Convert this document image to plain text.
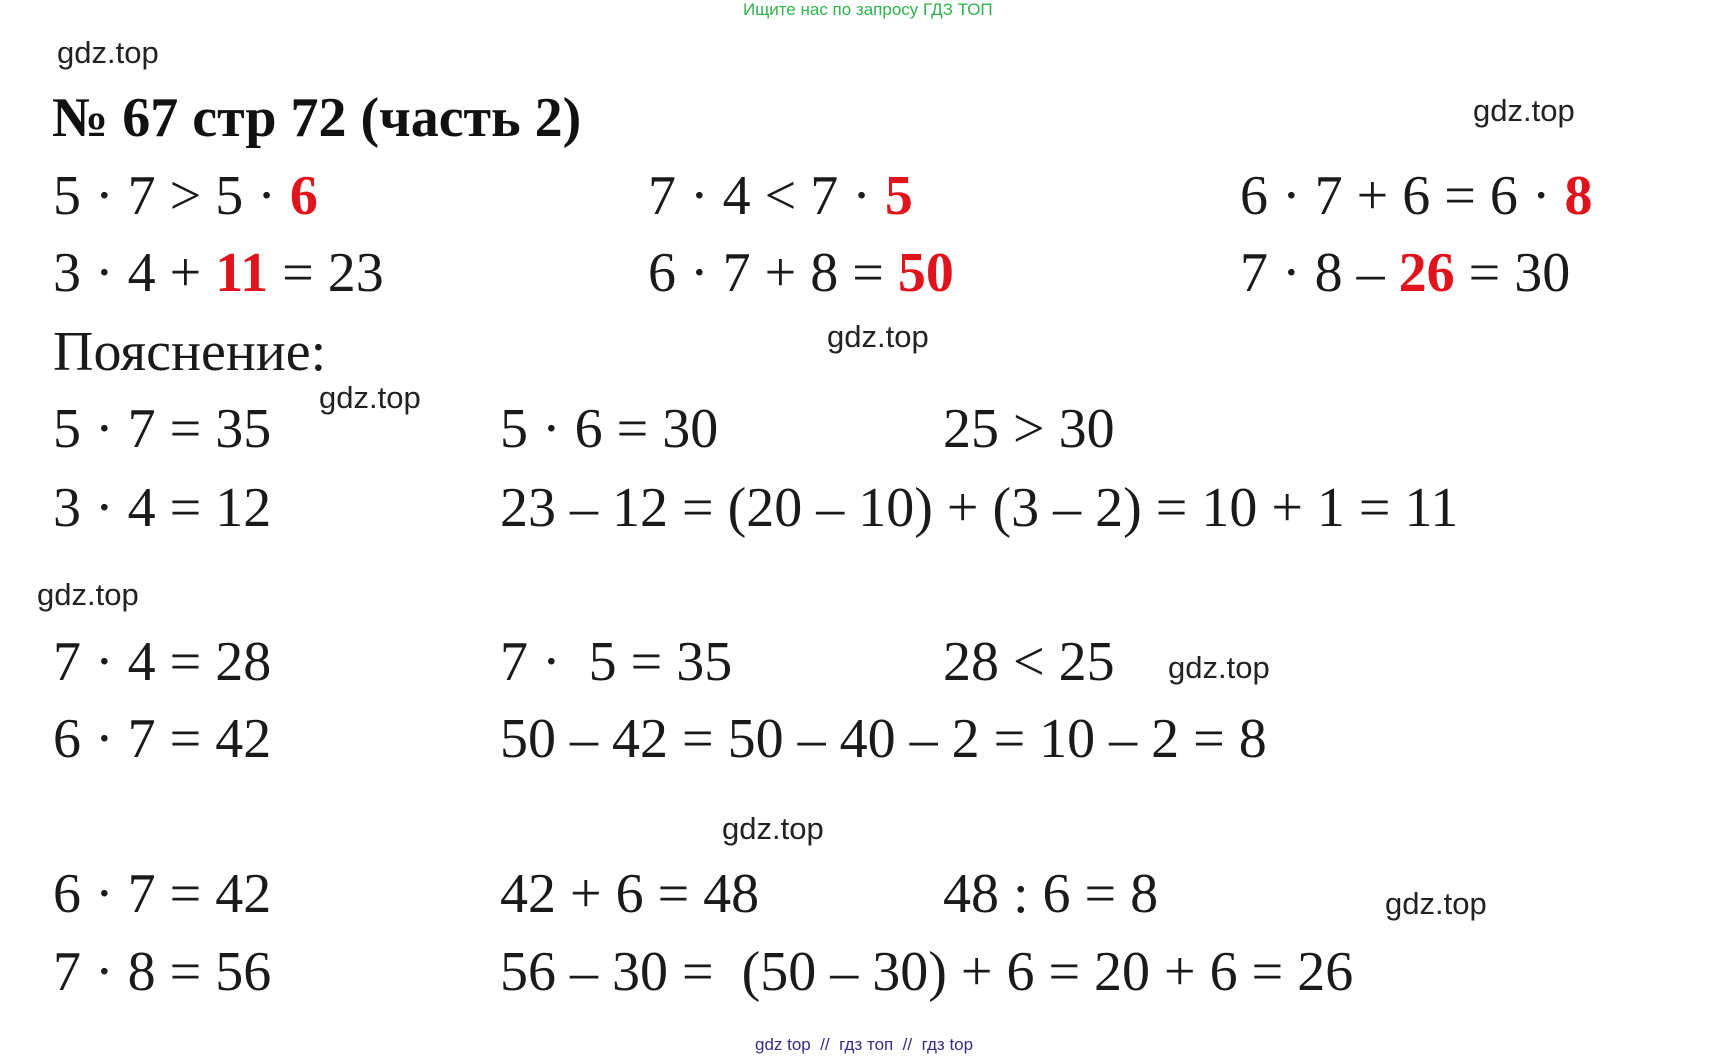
Ищите нас по запросу ГДЗ ТОП
gdz.top
gdz.top
gdz.top
gdz.top
gdz.top
gdz.top
gdz.top
gdz.top
№ 67 стр 72 (часть 2)
5 · 7 > 5 · 6	7 · 4 < 7 · 5	6 · 7 + 6 = 6 · 8
3 · 4 + 11 = 23	6 · 7 + 8 = 50	7 · 8 – 26 = 30
Пояснение:
5 · 7 = 35	5 · 6 = 30	25 > 30
3 · 4 = 12	23 – 12 = (20 – 10) + (3 – 2) = 10 + 1 = 11
7 · 4 = 28	7 ·  5 = 35	28 < 25
6 · 7 = 42	50 – 42 = 50 – 40 – 2 = 10 – 2 = 8
6 · 7 = 42	42 + 6 = 48	48 : 6 = 8
7 · 8 = 56	56 – 30 =  (50 – 30) + 6 = 20 + 6 = 26
gdz top  //  гдз топ  //  гдз top
